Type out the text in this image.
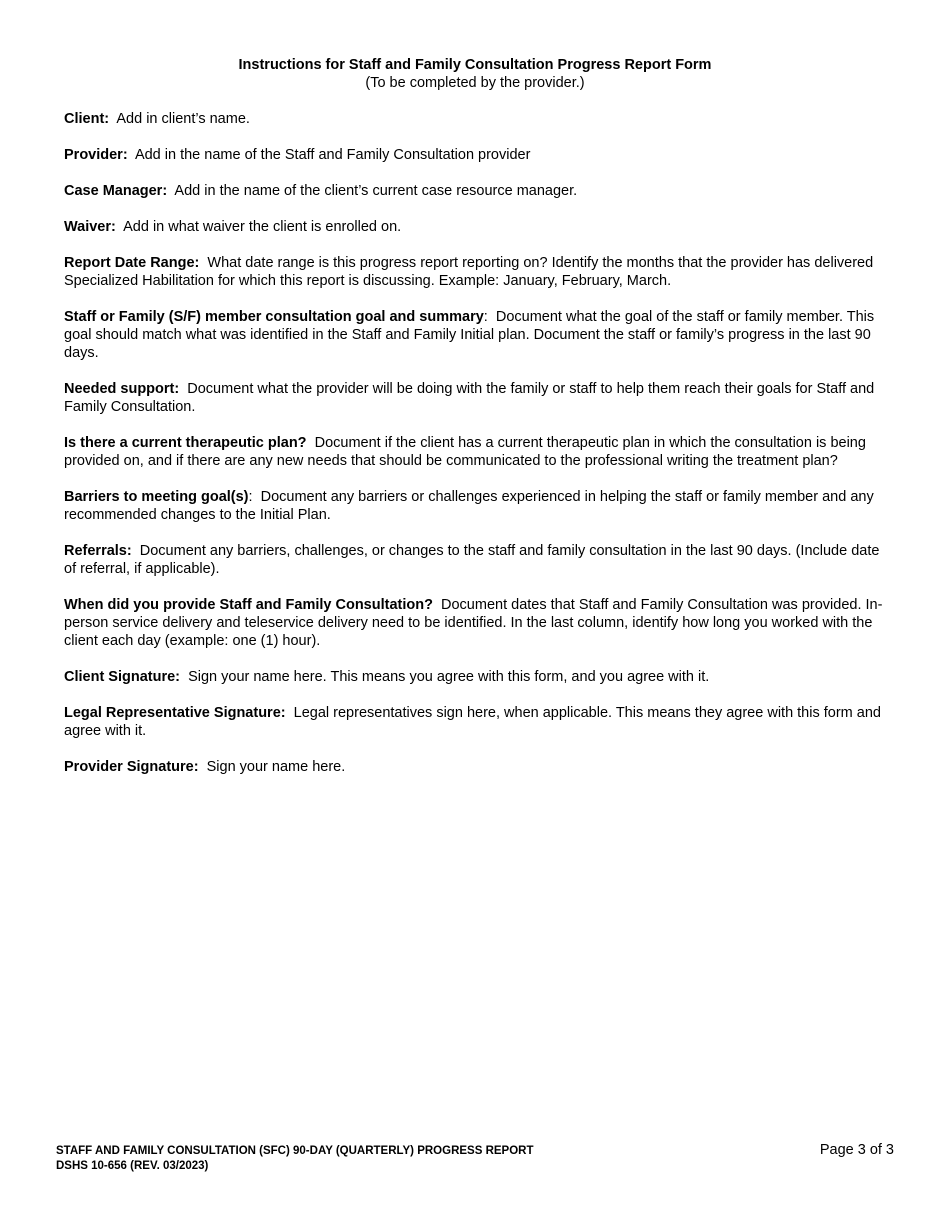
Instructions for Staff and Family Consultation Progress Report Form
(To be completed by the provider.)

Client: Add in client’s name.

Provider: Add in the name of the Staff and Family Consultation provider

Case Manager: Add in the name of the client’s current case resource manager.

Waiver: Add in what waiver the client is enrolled on.

Report Date Range: What date range is this progress report reporting on? Identify the months that the provider has delivered Specialized Habilitation for which this report is discussing. Example: January, February, March.

Staff or Family (S/F) member consultation goal and summary:  Document what the goal of the staff or family member. This goal should match what was identified in the Staff and Family Initial plan. Document the staff or family’s progress in the last 90 days.

Needed support: Document what the provider will be doing with the family or staff to help them reach their goals for Staff and Family Consultation.

Is there a current therapeutic plan? Document if the client has a current therapeutic plan in which the consultation is being provided on, and if there are any new needs that should be communicated to the professional writing the treatment plan?

Barriers to meeting goal(s):  Document any barriers or challenges experienced in helping the staff or family member and any recommended changes to the Initial Plan.

Referrals: Document any barriers, challenges, or changes to the staff and family consultation in the last 90 days. (Include date of referral, if applicable).

When did you provide Staff and Family Consultation? Document dates that Staff and Family Consultation was provided. In-person service delivery and teleservice delivery need to be identified. In the last column, identify how long you worked with the client each day (example: one (1) hour).

Client Signature: Sign your name here. This means you agree with this form, and you agree with it.

Legal Representative Signature: Legal representatives sign here, when applicable. This means they agree with this form and agree with it.

Provider Signature: Sign your name here.

STAFF AND FAMILY CONSULTATION (SFC) 90-DAY (QUARTERLY) PROGRESS REPORT
DSHS 10-656 (REV. 03/2023)
Page 3 of 3
